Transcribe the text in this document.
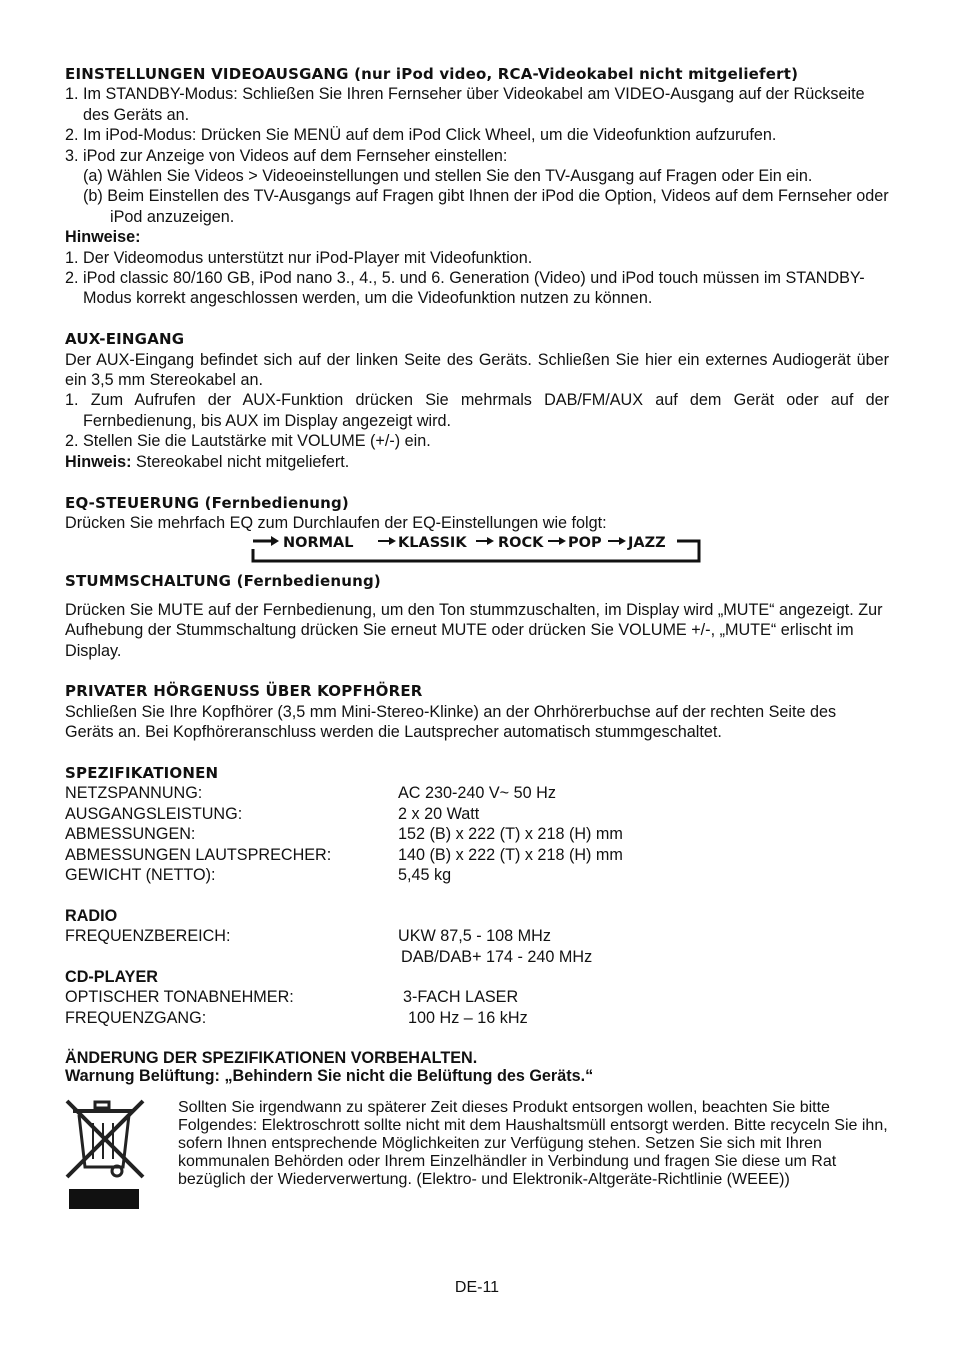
EINSTELLUNGEN VIDEOAUSGANG (nur iPod video, RCA-Videokabel nicht mitgeliefert)

1. Im STANDBY-Modus: Schließen Sie Ihren Fernseher über Videokabel am VIDEO-Ausgang auf der Rückseite des Geräts an.

2. Im iPod-Modus: Drücken Sie MENÜ auf dem iPod Click Wheel, um die Videofunktion aufzurufen.

3. iPod zur Anzeige von Videos auf dem Fernseher einstellen:

(a) Wählen Sie Videos > Videoeinstellungen und stellen Sie den TV-Ausgang auf Fragen oder Ein ein.

(b) Beim Einstellen des TV-Ausgangs auf Fragen gibt Ihnen der iPod die Option, Videos auf dem Fernseher oder iPod anzuzeigen.

Hinweise:

1. Der Videomodus unterstützt nur iPod-Player mit Videofunktion.

2. iPod classic 80/160 GB, iPod nano 3., 4., 5. und 6. Generation (Video) und iPod touch müssen im STANDBY-Modus korrekt angeschlossen werden, um die Videofunktion nutzen zu können.

AUX-EINGANG

Der AUX-Eingang befindet sich auf der linken Seite des Geräts. Schließen Sie hier ein externes Audiogerät über ein 3,5 mm Stereokabel an.

1. Zum Aufrufen der AUX-Funktion drücken Sie mehrmals DAB/FM/AUX auf dem Gerät oder auf der Fernbedienung, bis AUX im Display angezeigt wird.

2. Stellen Sie die Lautstärke mit VOLUME (+/-) ein.

Hinweis: Stereokabel nicht mitgeliefert.

EQ-STEUERUNG (Fernbedienung)

Drücken Sie mehrfach EQ zum Durchlaufen der EQ-Einstellungen wie folgt:

NORMAL	KLASSIK ROCK POP JAZZ

STUMMSCHALTUNG (Fernbedienung)

Drücken Sie MUTE auf der Fernbedienung, um den Ton stummzuschalten, im Display wird „MUTE“ angezeigt. Zur Aufhebung der Stummschaltung drücken Sie erneut MUTE oder drücken Sie VOLUME +/-, „MUTE“ erlischt im Display.

PRIVATER HÖRGENUSS ÜBER KOPFHÖRER

Schließen Sie Ihre Kopfhörer (3,5 mm Mini-Stereo-Klinke) an der Ohrhörerbuchse auf der rechten Seite des Geräts an. Bei Kopfhöreranschluss werden die Lautsprecher automatisch stummgeschaltet.

SPEZIFIKATIONEN

NETZSPANNUNG:	AC 230-240 V~ 50 Hz
AUSGANGSLEISTUNG:	2 x 20 Watt
ABMESSUNGEN:	152 (B) x 222 (T) x 218 (H) mm
ABMESSUNGEN LAUTSPRECHER:	140 (B) x 222 (T) x 218 (H) mm
GEWICHT (NETTO):	5,45 kg

RADIO

FREQUENZBEREICH:	UKW 87,5 - 108 MHz
DAB/DAB+ 174 - 240 MHz

CD-PLAYER

OPTISCHER TONABNEHMER:	3-FACH LASER
FREQUENZGANG:	100 Hz – 16 kHz

ÄNDERUNG DER SPEZIFIKATIONEN VORBEHALTEN.

Warnung Belüftung: „Behindern Sie nicht die Belüftung des Geräts.“

Sollten Sie irgendwann zu späterer Zeit dieses Produkt entsorgen wollen, beachten Sie bitte Folgendes: Elektroschrott sollte nicht mit dem Haushaltsmüll entsorgt werden. Bitte recyceln Sie ihn, sofern Ihnen entsprechende Möglichkeiten zur Verfügung stehen. Setzen Sie sich mit Ihren kommunalen Behörden oder Ihrem Einzelhändler in Verbindung und fragen Sie diese um Rat bezüglich der Wiederverwertung. (Elektro- und Elektronik-Altgeräte-Richtlinie (WEEE))

DE-11
